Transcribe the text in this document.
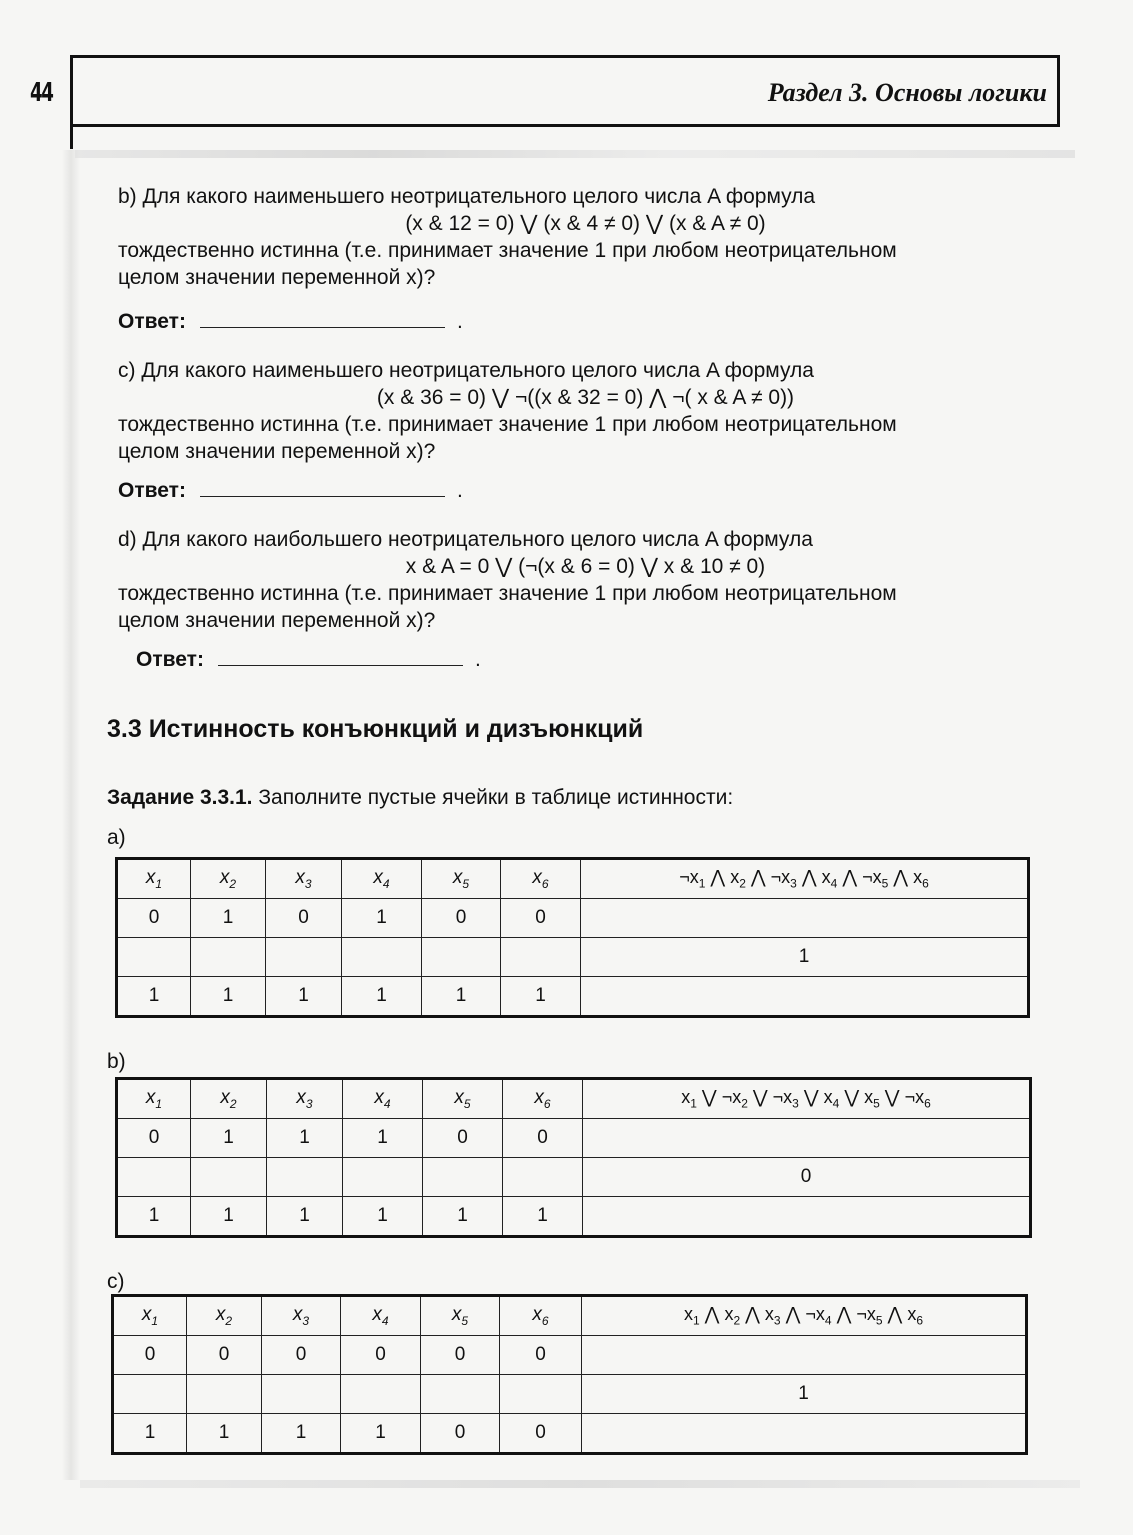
44	Раздел 3. Основы логики

b) Для какого наименьшего неотрицательного целого числа A формула

(x & 12 = 0) ⋁ (x & 4 ≠ 0) ⋁ (x & A ≠ 0)

тождественно истинна (т.е. принимает значение 1 при любом неотрицательном

целом значении переменной x)?

Ответ:	.

c) Для какого наименьшего неотрицательного целого числа A формула

(x & 36 = 0) ⋁ ¬((x & 32 = 0) ⋀ ¬( x & A ≠ 0))

тождественно истинна (т.е. принимает значение 1 при любом неотрицательном

целом значении переменной x)?

Ответ:	.

d) Для какого наибольшего неотрицательного целого числа A формула

x & A = 0 ⋁ (¬(x & 6 = 0) ⋁ x & 10 ≠ 0)

тождественно истинна (т.е. принимает значение 1 при любом неотрицательном

целом значении переменной x)?

Ответ:	.
3.3 Истинность конъюнкций и дизъюнкций
Задание 3.3.1. Заполните пустые ячейки в таблице истинности:
a)
$x_1$	$x_2$	$x_3$	$x_4$	$x_5$	$x_6$	$\neg x_1$ ⋀ $x_2$ ⋀ $\neg x_3$ ⋀ $x_4$ ⋀ $\neg x_5$ ⋀ $x_6$
0	1	0	1	0	0	
						1
1	1	1	1	1	1	
b)
$x_1$	$x_2$	$x_3$	$x_4$	$x_5$	$x_6$	$x_1$ ⋁ $\neg x_2$ ⋁ $\neg x_3$ ⋁ $x_4$ ⋁ $x_5$ ⋁ $\neg x_6$
0	1	1	1	0	0	
						0
1	1	1	1	1	1	
c)
$x_1$	$x_2$	$x_3$	$x_4$	$x_5$	$x_6$	$x_1$ ⋀ $x_2$ ⋀ $x_3$ ⋀ $\neg x_4$ ⋀ $\neg x_5$ ⋀ $x_6$
0	0	0	0	0	0	
						1
1	1	1	1	0	0	
